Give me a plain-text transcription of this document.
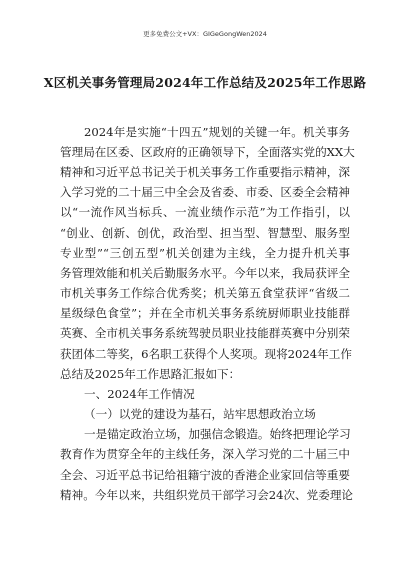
更多免费公文+VX：GIGeGongWen2024
X区机关事务管理局2024年工作总结及2025年工作思路
2024年是实施“十四五”规划的关键一年。机关事务
管理局在区委、区政府的正确领导下，全面落实党的XX大
精神和习近平总书记关于机关事务工作重要指示精神，深
入学习党的二十届三中全会及省委、市委、区委全会精神
以“一流作风当标兵、一流业绩作示范”为工作指引，以
“创业、创新、创优，政治型、担当型、智慧型、服务型
专业型”“三创五型”机关创建为主线，全力提升机关事
务管理效能和机关后勤服务水平。今年以来，我局获评全
市机关事务工作综合优秀奖；机关第五食堂获评“省级二
星级绿色食堂”；并在全市机关事务系统厨师职业技能群
英赛、全市机关事务系统驾驶员职业技能群英赛中分别荣
获团体二等奖，6名职工获得个人奖项。现将2024年工作
总结及2025年工作思路汇报如下：
一、2024年工作情况
（一）以党的建设为基石，站牢思想政治立场
一是锚定政治立场，加强信念锻造。始终把理论学习
教育作为贯穿全年的主线任务，深入学习党的二十届三中
全会、习近平总书记给祖籍宁波的香港企业家回信等重要
精神。今年以来，共组织党员干部学习会24次、党委理论
